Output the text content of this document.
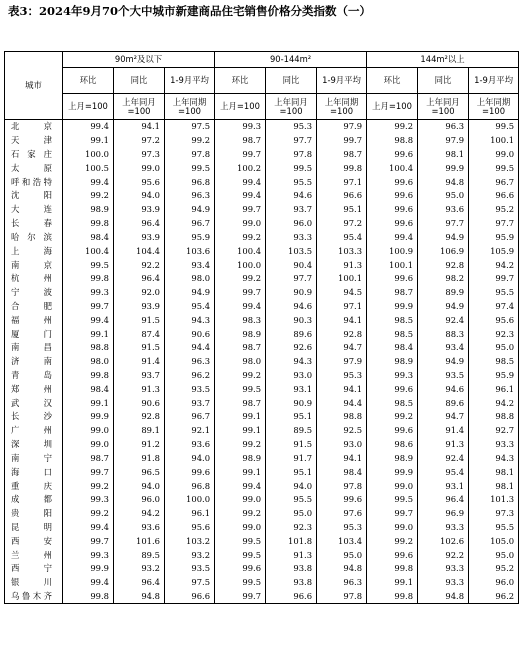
表3：2024年9月70个大中城市新建商品住宅销售价格分类指数（一）
城市	90m²及以下			90-144m²			144m²以上		
	环比	同比	1-9月平均	环比	同比	1-9月平均	环比	同比	1-9月平均
	上月=100	上年同月=100	上年同期=100	上月=100	上年同月=100	上年同期=100	上月=100	上年同月=100	上年同期=100
北京	99.4	94.1	97.5	99.3	95.3	97.9	99.2	96.3	99.5
天津	99.1	97.2	99.2	98.7	97.7	99.7	98.8	97.9	100.1
石家庄	100.0	97.3	97.8	99.7	97.8	98.7	99.6	98.1	99.0
太原	100.5	99.0	99.5	100.2	99.5	99.8	100.4	99.9	99.5
呼和浩特	99.4	95.6	96.8	99.4	95.5	97.1	99.6	94.8	96.7
沈阳	99.2	94.0	96.3	99.4	94.6	96.6	99.6	95.0	96.6
大连	98.9	93.9	94.9	99.7	93.7	95.1	99.6	93.6	95.2
长春	99.8	96.4	96.7	99.0	96.0	97.2	99.6	97.7	97.7
哈尔滨	98.4	93.9	95.9	99.2	93.3	95.4	99.4	94.9	95.9
上海	100.4	104.4	103.6	100.4	103.5	103.3	100.9	106.9	105.9
南京	99.5	92.2	93.4	100.0	90.4	91.3	100.1	92.8	94.2
杭州	99.8	96.4	98.0	99.2	97.7	100.1	99.6	98.2	99.7
宁波	99.3	92.0	94.9	99.7	90.9	94.5	98.7	89.9	95.5
合肥	99.7	93.9	95.4	99.4	94.6	97.1	99.9	94.9	97.4
福州	99.4	91.5	94.3	98.3	90.3	94.1	98.5	92.4	95.6
厦门	99.1	87.4	90.6	98.9	89.6	92.8	98.5	88.3	92.3
南昌	98.8	91.5	94.4	98.7	92.6	94.7	98.4	93.4	95.0
济南	98.0	91.4	96.3	98.0	94.3	97.9	98.9	94.9	98.5
青岛	99.8	93.7	96.2	99.2	93.0	95.3	99.3	93.5	95.9
郑州	98.4	91.3	93.5	99.5	93.1	94.1	99.6	94.6	96.1
武汉	99.1	90.6	93.7	98.7	90.9	94.4	98.5	89.6	94.2
长沙	99.9	92.8	96.7	99.1	95.1	98.8	99.2	94.7	98.8
广州	99.0	89.1	92.1	99.1	89.5	92.5	99.6	91.4	92.7
深圳	99.0	91.2	93.6	99.2	91.5	93.0	98.6	91.3	93.3
南宁	98.7	91.8	94.0	98.9	91.7	94.1	98.9	92.4	94.3
海口	99.7	96.5	99.6	99.1	95.1	98.4	99.9	95.4	98.1
重庆	99.2	94.0	96.8	99.4	94.0	97.8	99.0	93.1	98.1
成都	99.3	96.0	100.0	99.0	95.5	99.6	99.5	96.4	101.3
贵阳	99.2	94.2	96.1	99.2	95.0	97.6	99.7	96.9	97.3
昆明	99.4	93.6	95.6	99.0	92.3	95.3	99.0	93.3	95.5
西安	99.7	101.6	103.2	99.5	101.8	103.4	99.2	102.6	105.0
兰州	99.3	89.5	93.2	99.5	91.3	95.0	99.6	92.2	95.0
西宁	99.9	93.2	93.5	99.6	93.8	94.8	99.8	93.3	95.2
银川	99.4	96.4	97.5	99.5	93.8	96.3	99.1	93.3	96.0
乌鲁木齐	99.8	94.8	96.6	99.7	96.6	97.8	99.8	94.8	96.2
